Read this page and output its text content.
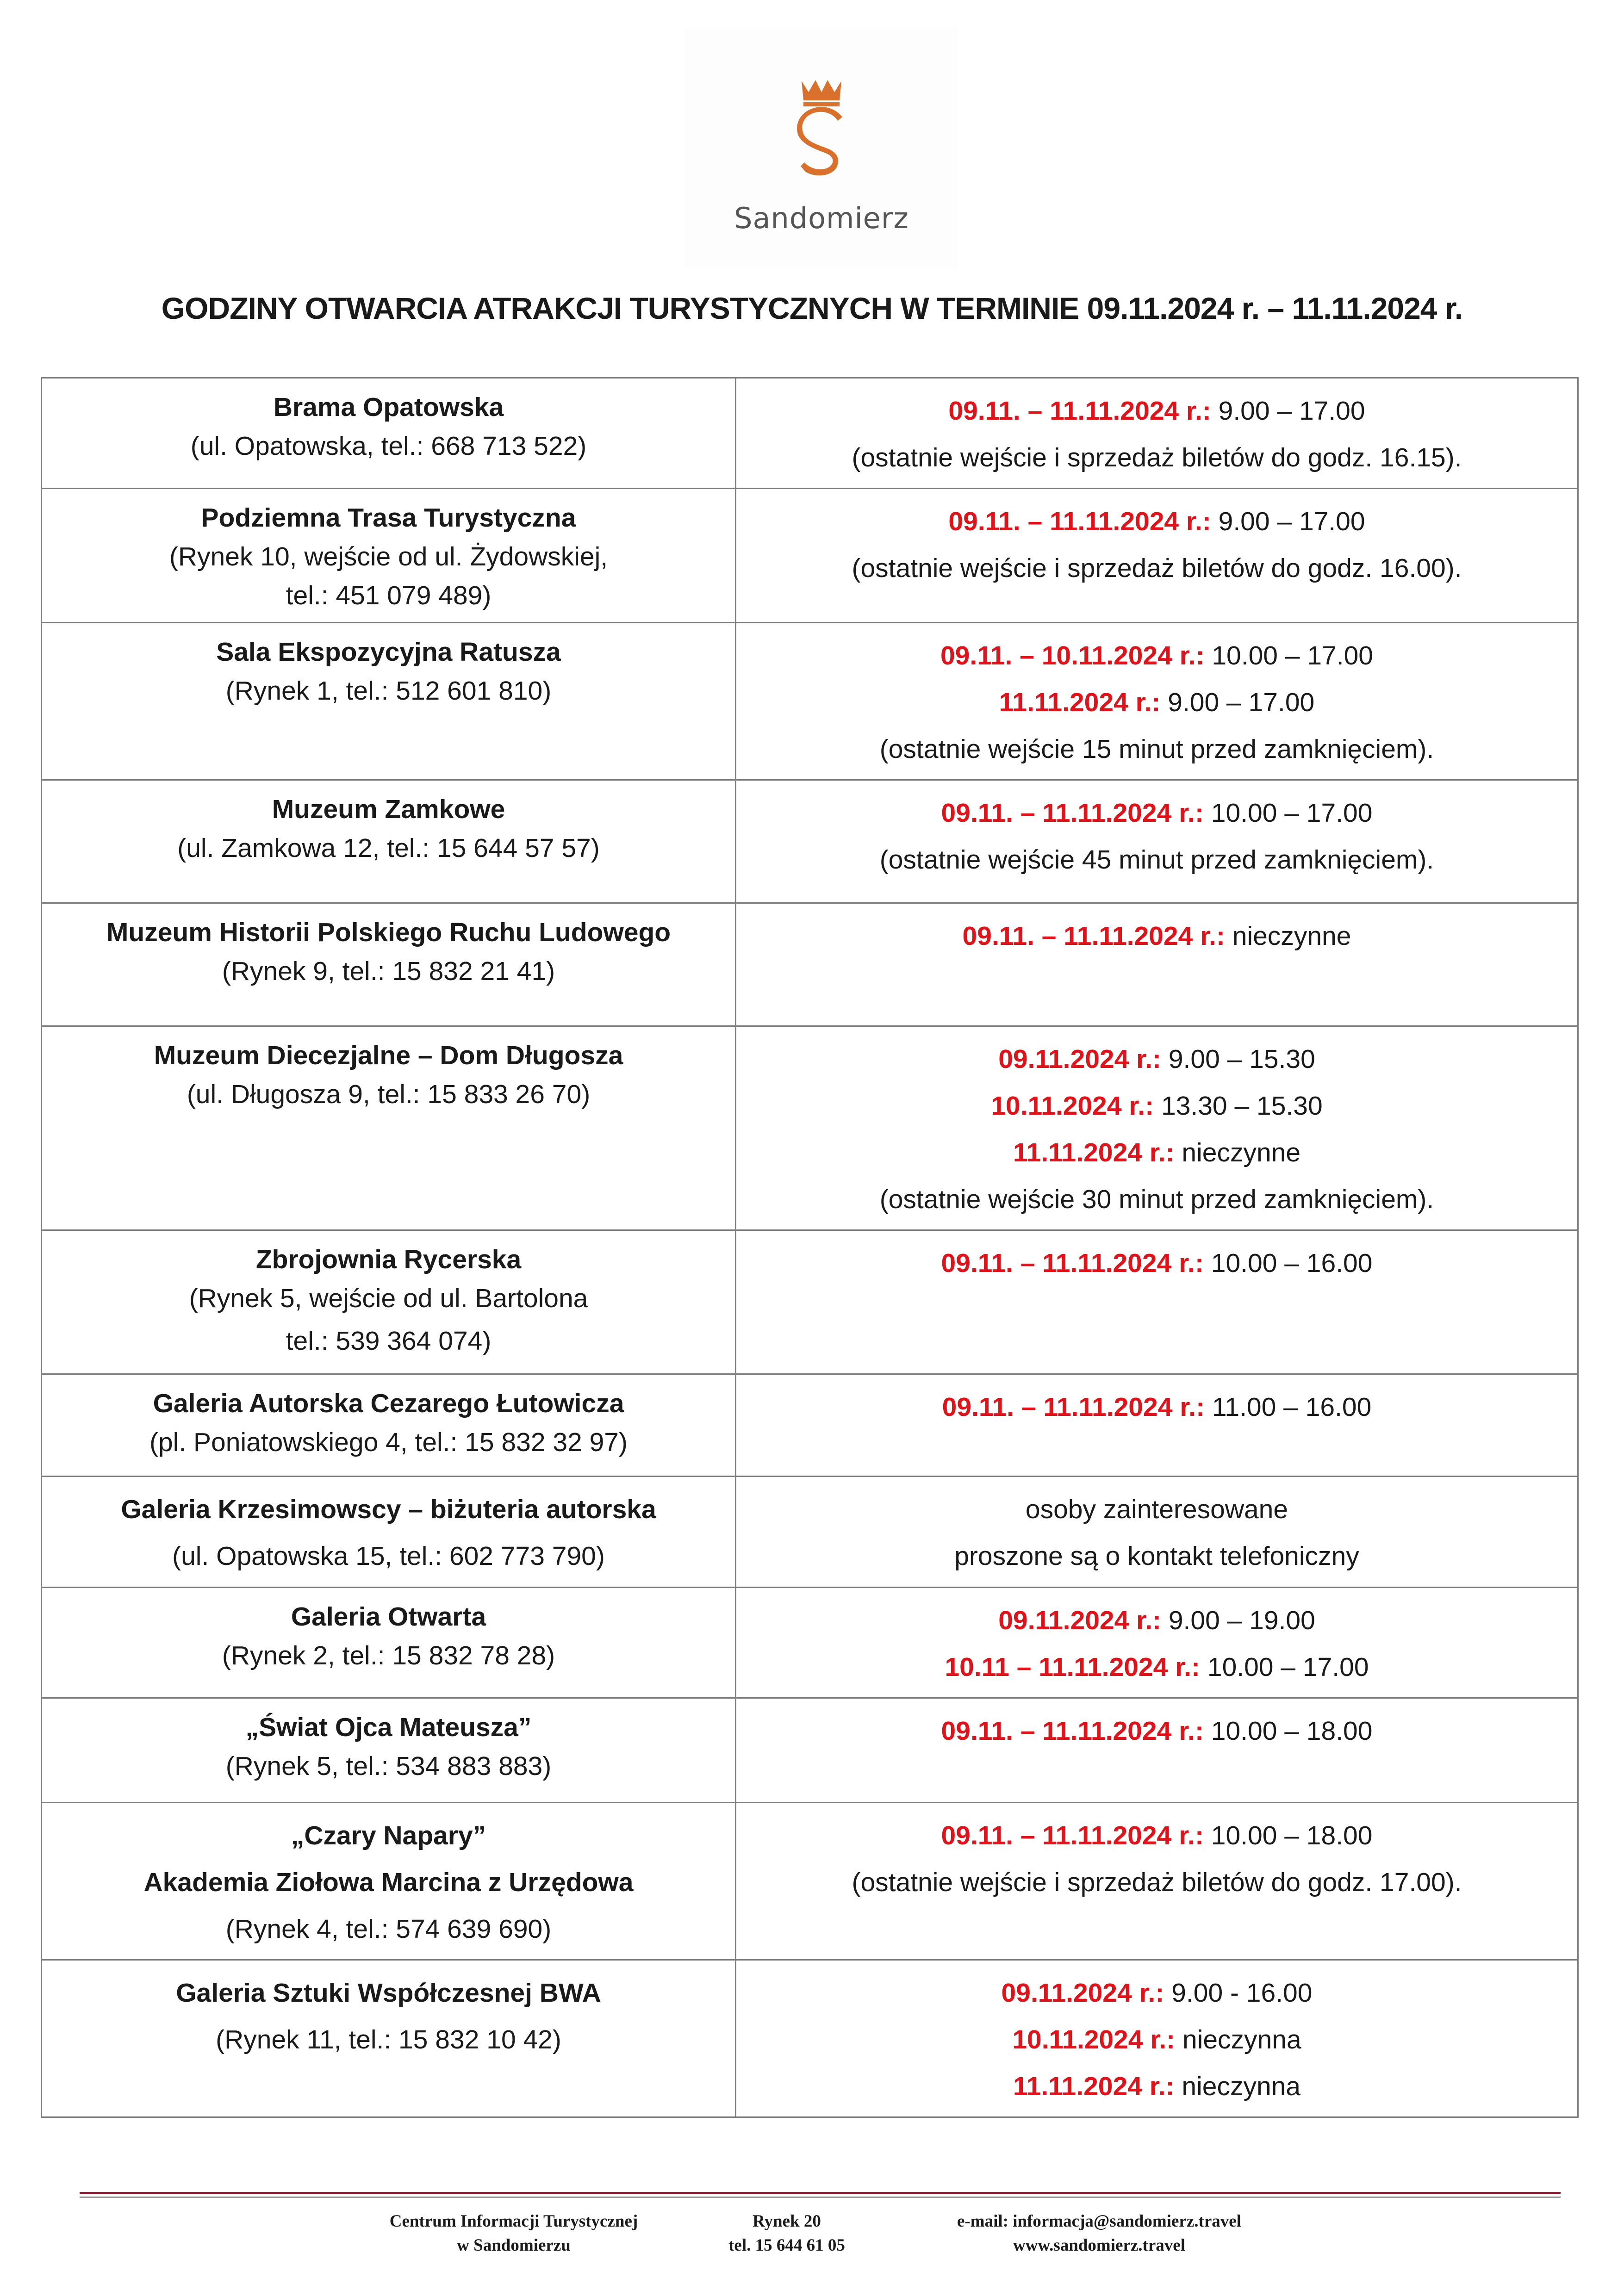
Sandomierz
GODZINY OTWARCIA ATRAKCJI TURYSTYCZNYCH W TERMINIE 09.11.2024 r. – 11.11.2024 r.
Brama Opatowska
(ul. Opatowska, tel.: 668 713 522)	09.11. – 11.11.2024 r.: 9.00 – 17.00
(ostatnie wejście i sprzedaż biletów do godz. 16.15).

Podziemna Trasa Turystyczna
(Rynek 10, wejście od ul. Żydowskiej,
tel.: 451 079 489)	09.11. – 11.11.2024 r.: 9.00 – 17.00
(ostatnie wejście i sprzedaż biletów do godz. 16.00).

Sala Ekspozycyjna Ratusza
(Rynek 1, tel.: 512 601 810)	09.11. – 10.11.2024 r.: 10.00 – 17.00
11.11.2024 r.: 9.00 – 17.00
(ostatnie wejście 15 minut przed zamknięciem).

Muzeum Zamkowe
(ul. Zamkowa 12, tel.: 15 644 57 57)	09.11. – 11.11.2024 r.: 10.00 – 17.00
(ostatnie wejście 45 minut przed zamknięciem).

Muzeum Historii Polskiego Ruchu Ludowego
(Rynek 9, tel.: 15 832 21 41)	09.11. – 11.11.2024 r.: nieczynne

Muzeum Diecezjalne – Dom Długosza
(ul. Długosza 9, tel.: 15 833 26 70)	09.11.2024 r.: 9.00 – 15.30
10.11.2024 r.: 13.30 – 15.30
11.11.2024 r.: nieczynne
(ostatnie wejście 30 minut przed zamknięciem).

Zbrojownia Rycerska
(Rynek 5, wejście od ul. Bartolona
tel.: 539 364 074)	09.11. – 11.11.2024 r.: 10.00 – 16.00

Galeria Autorska Cezarego Łutowicza
(pl. Poniatowskiego 4, tel.: 15 832 32 97)	09.11. – 11.11.2024 r.: 11.00 – 16.00

Galeria Krzesimowscy – biżuteria autorska
(ul. Opatowska 15, tel.: 602 773 790)	osoby zainteresowane
proszone są o kontakt telefoniczny

Galeria Otwarta
(Rynek 2, tel.: 15 832 78 28)	09.11.2024 r.: 9.00 – 19.00
10.11 – 11.11.2024 r.: 10.00 – 17.00

„Świat Ojca Mateusza”
(Rynek 5, tel.: 534 883 883)	09.11. – 11.11.2024 r.: 10.00 – 18.00

„Czary Napary”
Akademia Ziołowa Marcina z Urzędowa
(Rynek 4, tel.: 574 639 690)	09.11. – 11.11.2024 r.: 10.00 – 18.00
(ostatnie wejście i sprzedaż biletów do godz. 17.00).

Galeria Sztuki Współczesnej BWA
(Rynek 11, tel.: 15 832 10 42)	09.11.2024 r.: 9.00 - 16.00
10.11.2024 r.: nieczynna
11.11.2024 r.: nieczynna
Centrum Informacji Turystycznej
w Sandomierzu
Rynek 20
tel. 15 644 61 05
e-mail: informacja@sandomierz.travel
www.sandomierz.travel
